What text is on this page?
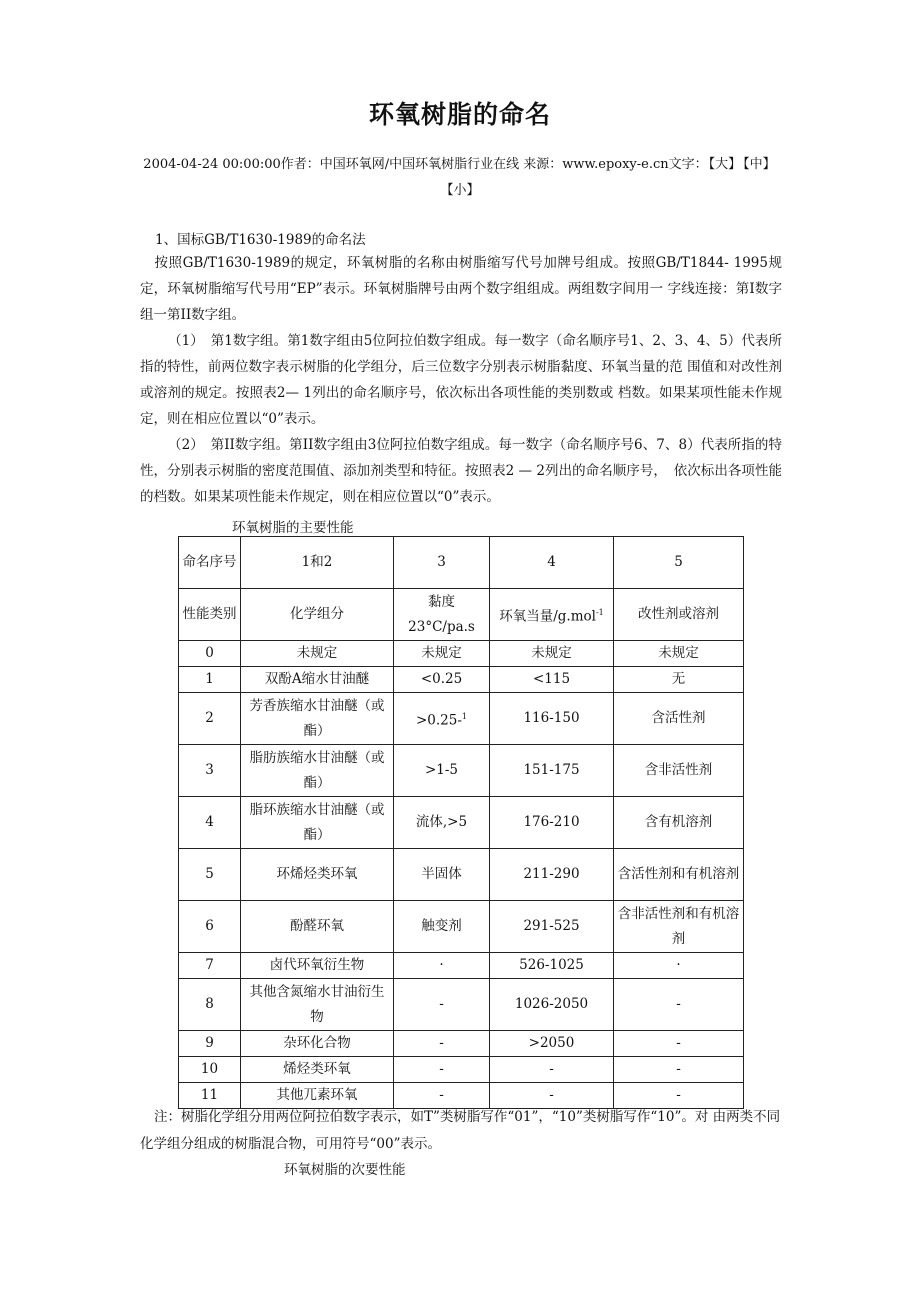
环氧树脂的命名
2004-04-24 00:00:00作者：中国环氧网/中国环氧树脂行业在线 来源：www.epoxy-e.cn文字：【大】 【中】
【小】
1、国标GB/T1630-1989的命名法
按照GB/T1630-1989的规定，环氧树脂的名称由树脂缩写代号加牌号组成。按照GB/T1844- 1995规定，环氧树脂缩写代号用“EP”表示。环氧树脂牌号由两个数字组组成。两组数字间用一 字线连接：第Ⅰ数字组一第ΙΙ数字组。
（1）　第1数字组。第1数字组由5位阿拉伯数字组成。每一数字（命名顺序号1、2、3、4、5）代表所指的特性，前两位数字表示树脂的化学组分，后三位数字分别表示树脂黏度、环氧当量的范 围值和对改性剂或溶剂的规定。按照表2— 1列出的命名顺序号，依次标出各项性能的类别数或 档数。如果某项性能未作规定，则在相应位置以“0”表示。
（2）　第ΙΙ数字组。第ΙΙ数字组由3位阿拉伯数字组成。每一数字（命名顺序号6、7、8）代表所指的特性，分别表示树脂的密度范围值、添加剂类型和特征。按照表2 — 2列出的命名顺序号，　依次标出各项性能的档数。如果某项性能未作规定，则在相应位置以“0”表示。
环氧树脂的主要性能
命名序号	1和2	3	4	5
性能类别	化学组分	黏度 23°C/pa.s	环氧当量/g.mol$^{-1}$	改性剂或溶剂
0	未规定	未规定	未规定	未规定
1	双酚A缩水甘油醚	<0.25	<115	无
2	芳香族缩水甘油醚（或酯）	>0.25-$^1$	116-150	含活性剂
3	脂肪族缩水甘油醚（或酯）	>1-5	151-175	含非活性剂
4	脂环族缩水甘油醚（或酯）	流体,>5	176-210	含有机溶剂
5	环烯烃类环氧	半固体	211-290	含活性剂和有机溶剂
6	酚醛环氧	触变剂	291-525	含非活性剂和有机溶剂
7	卤代环氧衍生物	·	526-1025	·
8	其他含氮缩水甘油衍生物	-	1026-2050	-
9	杂环化合物	-	>2050	-
10	烯烃类环氧	-	-	-
11	其他兀素环氧	-	-	-
注：树脂化学组分用两位阿拉伯数字表示，如T”类树脂写作“01”，“10”类树脂写作“10”。对 由两类不同化学组分组成的树脂混合物，可用符号“00”表示。
环氧树脂的次要性能
